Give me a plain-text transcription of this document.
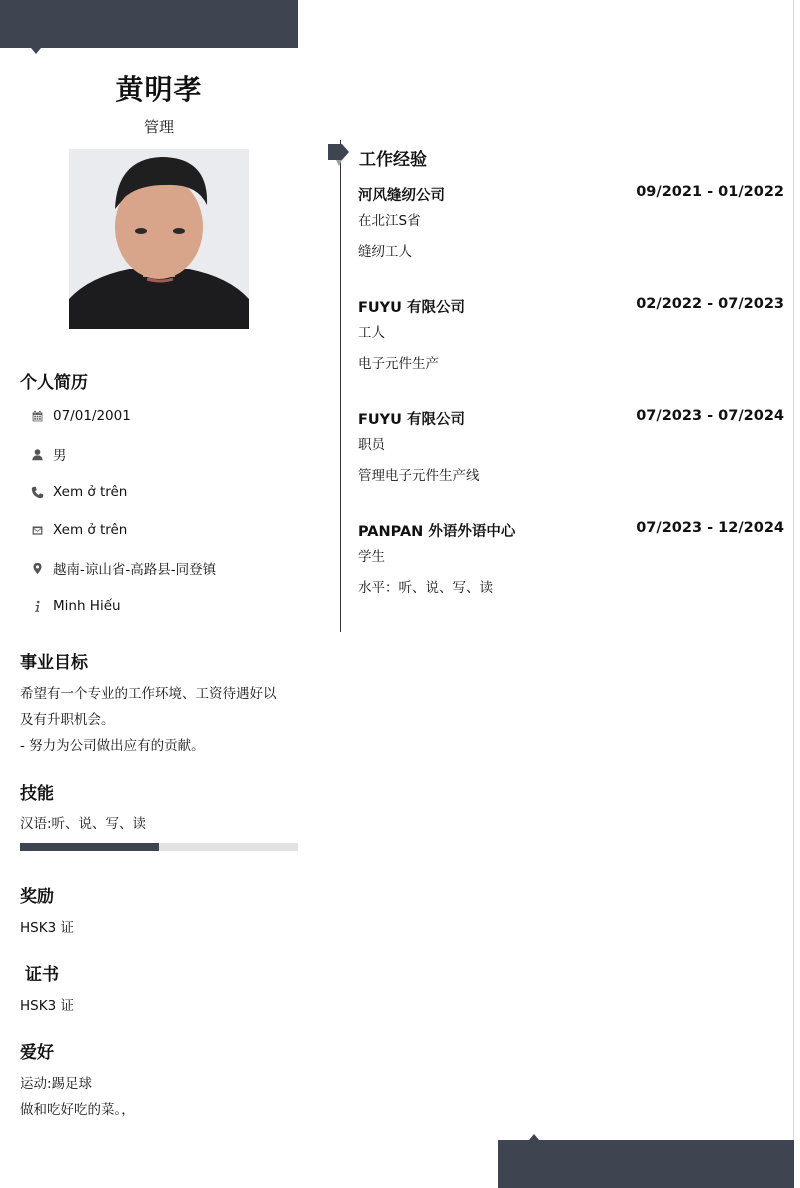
黄明孝
管理
个人简历
07/01/2001
男
Xem ở trên
Xem ở trên
越南-谅山省-高路县-同登镇
Minh Hiếu
事业目标
希望有一个专业的工作环境、工资待遇好以
及有升职机会。
- 努力为公司做出应有的贡献。
技能
汉语:听、说、写、读
奖励
HSK3 证
证书
HSK3 证
爱好
运动:踢足球
做和吃好吃的菜。，
工作经验
河风缝纫公司	09/2021 - 01/2022
在北江S省
缝纫工人
FUYU 有限公司	02/2022 - 07/2023
工人
电子元件生产
FUYU 有限公司	07/2023 - 07/2024
职员
管理电子元件生产线
PANPAN 外语外语中心	07/2023 - 12/2024
学生
水平：听、说、写、读
